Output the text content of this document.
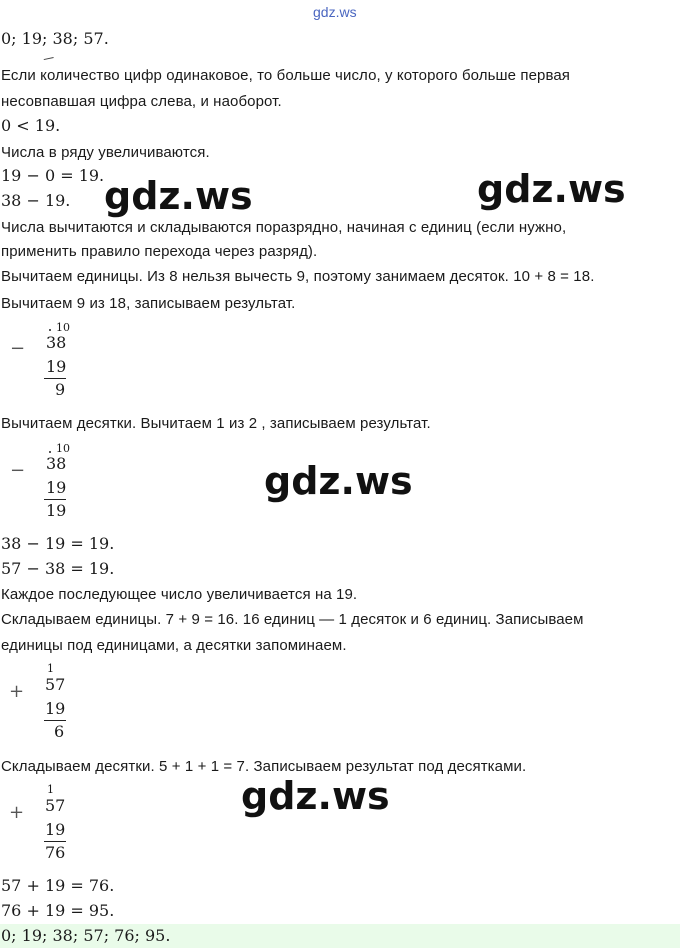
gdz.ws
0; 19; 38; 57.
Если количество цифр одинаковое, то больше число, у которого больше первая
несовпавшая цифра слева, и наоборот.
0 < 19.
Числа в ряду увеличиваются.
19 − 0 = 19.
38 − 19.
Числа вычитаются и складываются поразрядно, начиная с единиц (если нужно,
применить правило перехода через разряд).
Вычитаем единицы. Из 8 нельзя вычесть 9, поэтому занимаем десяток. 10 + 8 = 18.
Вычитаем 9 из 18, записываем результат.
−
10
38
19
9
Вычитаем десятки. Вычитаем 1 из 2 , записываем результат.
−
10
38
19
19
38 − 19 = 19.
57 − 38 = 19.
Каждое последующее число увеличивается на 19.
Складываем единицы. 7 + 9 = 16. 16 единиц — 1 десяток и 6 единиц. Записываем
единицы под единицами, а десятки запоминаем.
+
1
57
19
6
Складываем десятки. 5 + 1 + 1 = 7. Записываем результат под десятками.
+
1
57
19
76
57 + 19 = 76.
76 + 19 = 95.
0; 19; 38; 57; 76; 95.
gdz.ws	gdz.ws
gdz.ws
gdz.ws
